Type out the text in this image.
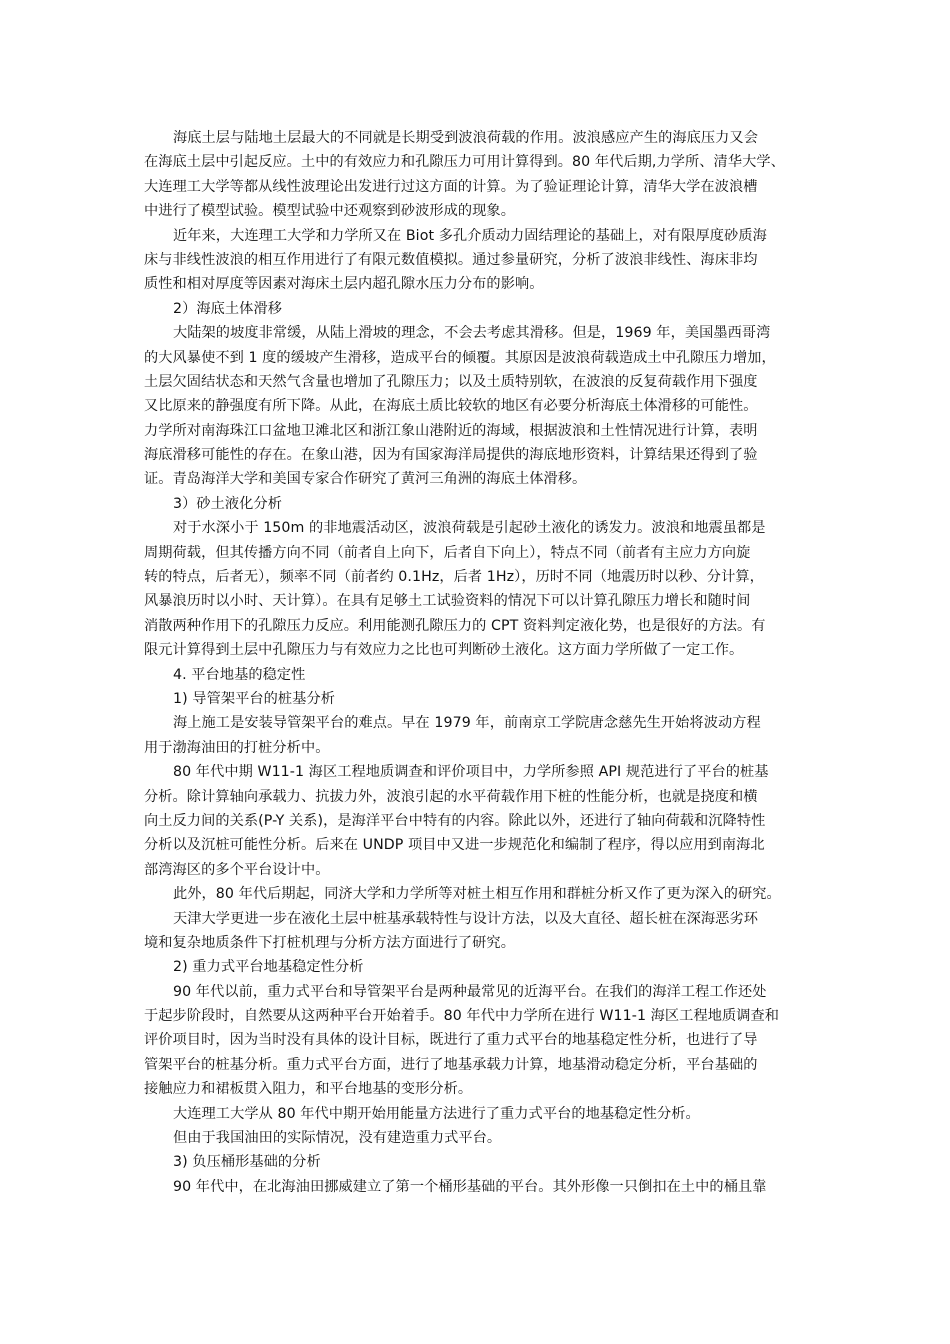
海底土层与陆地土层最大的不同就是长期受到波浪荷载的作用。波浪感应产生的海底压力又会
在海底土层中引起反应。土中的有效应力和孔隙压力可用计算得到。80 年代后期,力学所、清华大学、
大连理工大学等都从线性波理论出发进行过这方面的计算。为了验证理论计算，清华大学在波浪槽
中进行了模型试验。模型试验中还观察到砂波形成的现象。
近年来，大连理工大学和力学所又在 Biot 多孔介质动力固结理论的基础上，对有限厚度砂质海
床与非线性波浪的相互作用进行了有限元数值模拟。通过参量研究，分析了波浪非线性、海床非均
质性和相对厚度等因素对海床土层内超孔隙水压力分布的影响。
2）海底土体滑移
大陆架的坡度非常缓，从陆上滑坡的理念，不会去考虑其滑移。但是，1969 年，美国墨西哥湾
的大风暴使不到 1 度的缓坡产生滑移，造成平台的倾覆。其原因是波浪荷载造成土中孔隙压力增加，
土层欠固结状态和天然气含量也增加了孔隙压力；以及土质特别软，在波浪的反复荷载作用下强度
又比原来的静强度有所下降。从此，在海底土质比较软的地区有必要分析海底土体滑移的可能性。
力学所对南海珠江口盆地卫滩北区和浙江象山港附近的海域，根据波浪和土性情况进行计算，表明
海底滑移可能性的存在。在象山港，因为有国家海洋局提供的海底地形资料，计算结果还得到了验
证。青岛海洋大学和美国专家合作研究了黄河三角洲的海底土体滑移。
3）砂土液化分析
对于水深小于 150m 的非地震活动区，波浪荷载是引起砂土液化的诱发力。波浪和地震虽都是
周期荷载，但其传播方向不同（前者自上向下，后者自下向上），特点不同（前者有主应力方向旋
转的特点，后者无），频率不同（前者约 0.1Hz，后者 1Hz），历时不同（地震历时以秒、分计算，
风暴浪历时以小时、天计算）。在具有足够土工试验资料的情况下可以计算孔隙压力增长和随时间
消散两种作用下的孔隙压力反应。利用能测孔隙压力的 CPT 资料判定液化势，也是很好的方法。有
限元计算得到土层中孔隙压力与有效应力之比也可判断砂土液化。这方面力学所做了一定工作。
4. 平台地基的稳定性
1) 导管架平台的桩基分析
海上施工是安装导管架平台的难点。早在 1979 年，前南京工学院唐念慈先生开始将波动方程
用于渤海油田的打桩分析中。
80 年代中期 W11-1 海区工程地质调查和评价项目中，力学所参照 API 规范进行了平台的桩基
分析。除计算轴向承载力、抗拔力外，波浪引起的水平荷载作用下桩的性能分析，也就是挠度和横
向土反力间的关系(P-Y 关系)，是海洋平台中特有的内容。除此以外，还进行了轴向荷载和沉降特性
分析以及沉桩可能性分析。后来在 UNDP 项目中又进一步规范化和编制了程序，得以应用到南海北
部湾海区的多个平台设计中。
此外，80 年代后期起，同济大学和力学所等对桩土相互作用和群桩分析又作了更为深入的研究。
天津大学更进一步在液化土层中桩基承载特性与设计方法，以及大直径、超长桩在深海恶劣环
境和复杂地质条件下打桩机理与分析方法方面进行了研究。
2) 重力式平台地基稳定性分析
90 年代以前，重力式平台和导管架平台是两种最常见的近海平台。在我们的海洋工程工作还处
于起步阶段时，自然要从这两种平台开始着手。80 年代中力学所在进行 W11-1 海区工程地质调查和
评价项目时，因为当时没有具体的设计目标，既进行了重力式平台的地基稳定性分析，也进行了导
管架平台的桩基分析。重力式平台方面，进行了地基承载力计算，地基滑动稳定分析，平台基础的
接触应力和裙板贯入阻力，和平台地基的变形分析。
大连理工大学从 80 年代中期开始用能量方法进行了重力式平台的地基稳定性分析。
但由于我国油田的实际情况，没有建造重力式平台。
3) 负压桶形基础的分析
90 年代中，在北海油田挪威建立了第一个桶形基础的平台。其外形像一只倒扣在土中的桶且靠
